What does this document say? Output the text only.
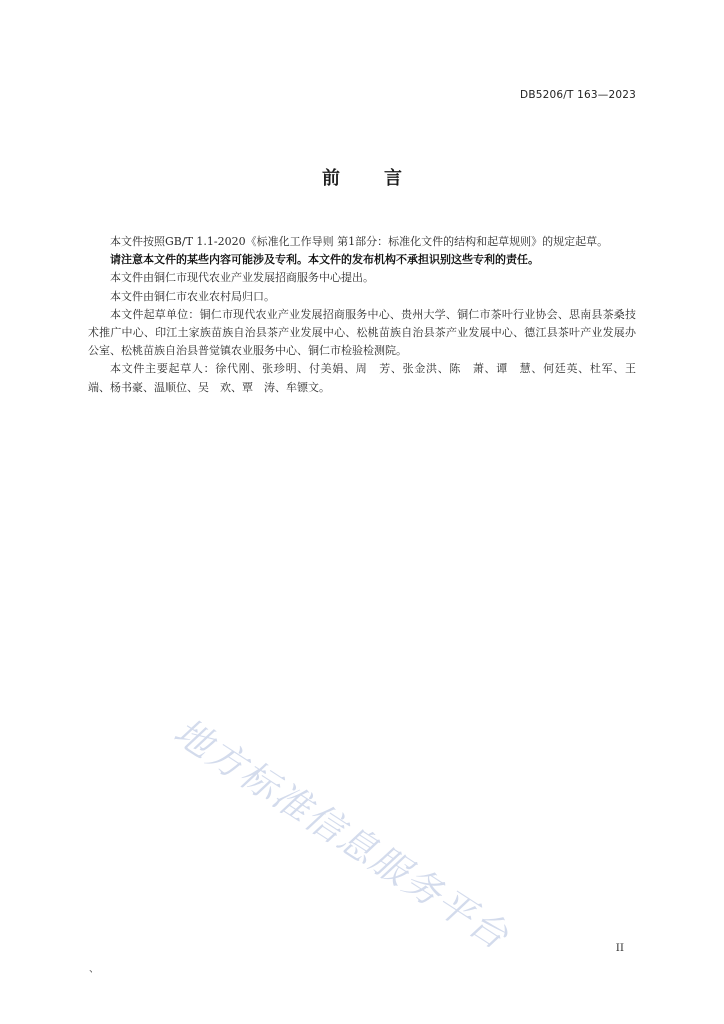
DB5206/T 163—2023
前言

本文件按照GB/T 1.1-2020《标准化工作导则 第1部分：标准化文件的结构和起草规则》的规定起草。

请注意本文件的某些内容可能涉及专利。本文件的发布机构不承担识别这些专利的责任。

本文件由铜仁市现代农业产业发展招商服务中心提出。

本文件由铜仁市农业农村局归口。

本文件起草单位：铜仁市现代农业产业发展招商服务中心、贵州大学、铜仁市茶叶行业协会、思南县茶桑技术推广中心、印江土家族苗族自治县茶产业发展中心、松桃苗族自治县茶产业发展中心、德江县茶叶产业发展办公室、松桃苗族自治县普觉镇农业服务中心、铜仁市检验检测院。

本文件主要起草人：徐代刚、张珍明、付美娟、周　芳、张金洪、陈　萧、谭　慧、何廷英、杜军、王　端、杨书豪、温顺位、吴　欢、覃　涛、牟镖文。

地方标准信息服务平台	II
、
